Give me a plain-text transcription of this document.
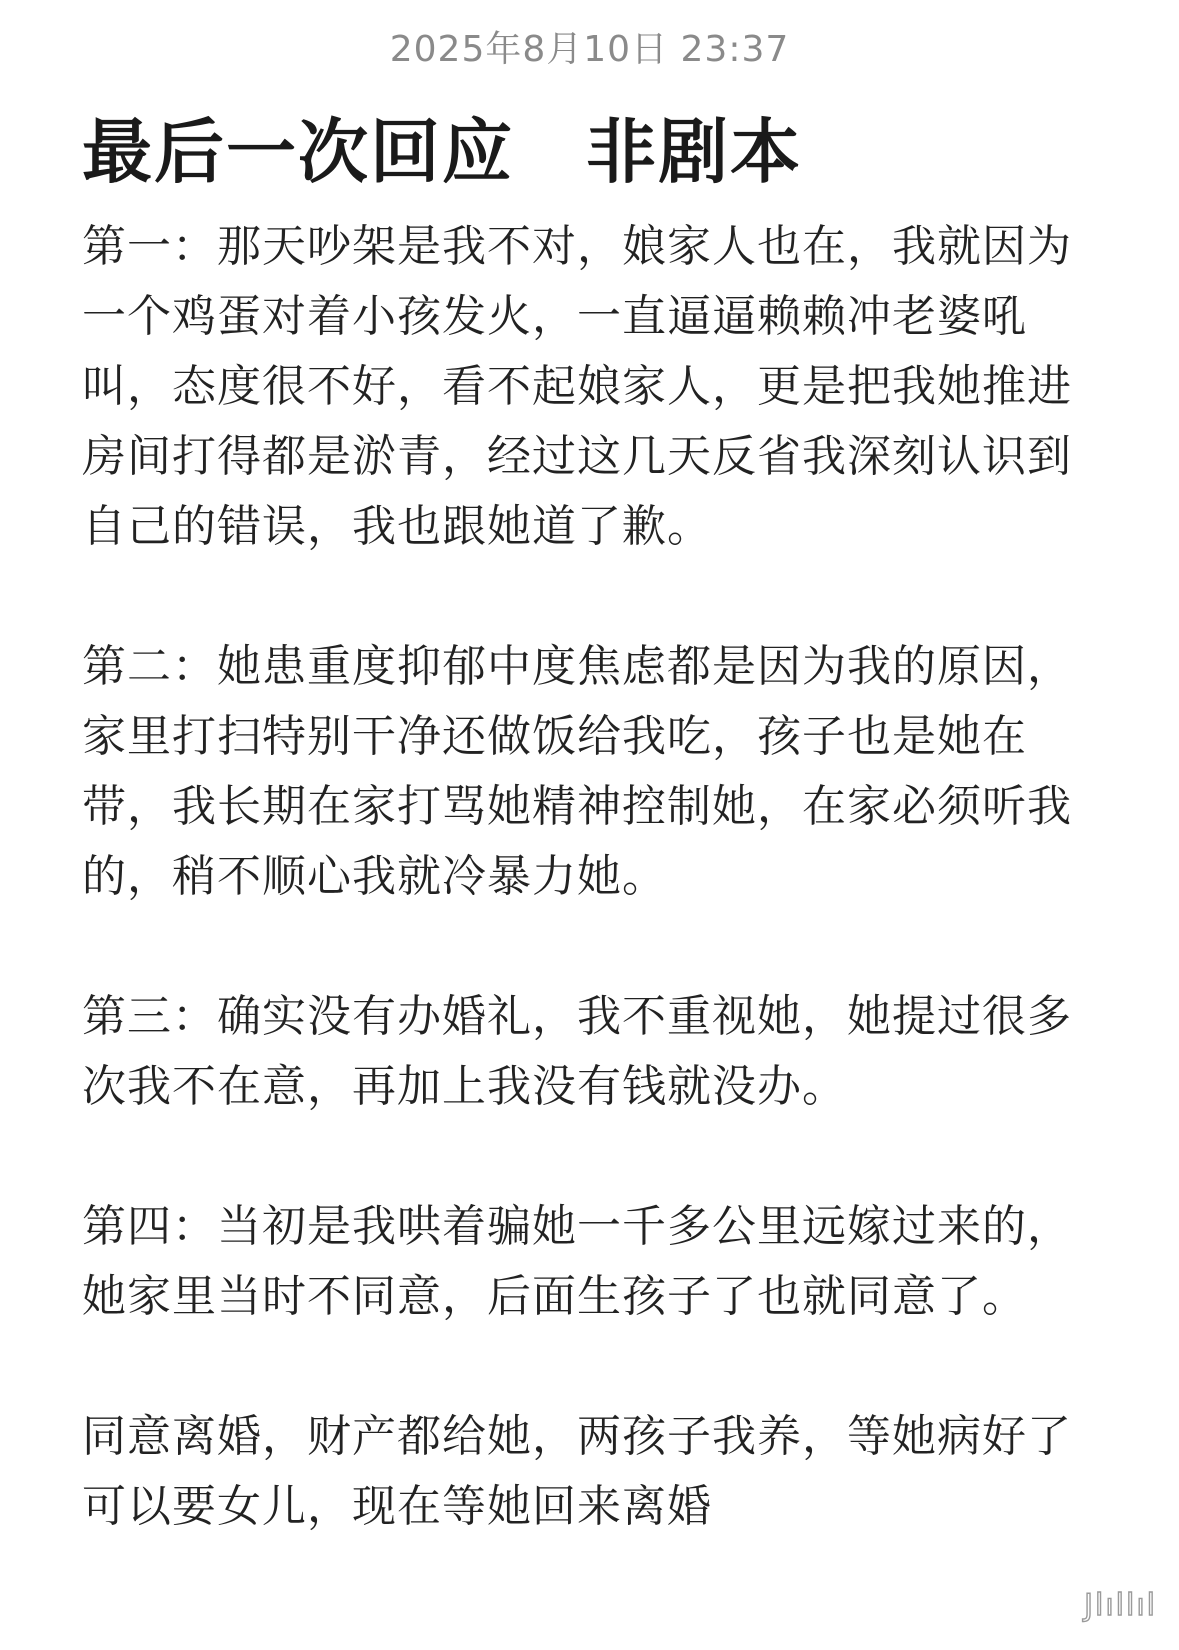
2025年8月10日 23:37
最后一次回应　非剧本

第一：那天吵架是我不对，娘家人也在，我就因为一个鸡蛋对着小孩发火，一直逼逼赖赖冲老婆吼叫，态度很不好，看不起娘家人，更是把我她推进房间打得都是淤青，经过这几天反省我深刻认识到自己的错误，我也跟她道了歉。

第二：她患重度抑郁中度焦虑都是因为我的原因，家里打扫特别干净还做饭给我吃，孩子也是她在带，我长期在家打骂她精神控制她，在家必须听我的，稍不顺心我就冷暴力她。

第三：确实没有办婚礼，我不重视她，她提过很多次我不在意，再加上我没有钱就没办。

第四：当初是我哄着骗她一千多公里远嫁过来的，她家里当时不同意，后面生孩子了也就同意了。

同意离婚，财产都给她，两孩子我养，等她病好了可以要女儿，现在等她回来离婚

Jlıllıl
